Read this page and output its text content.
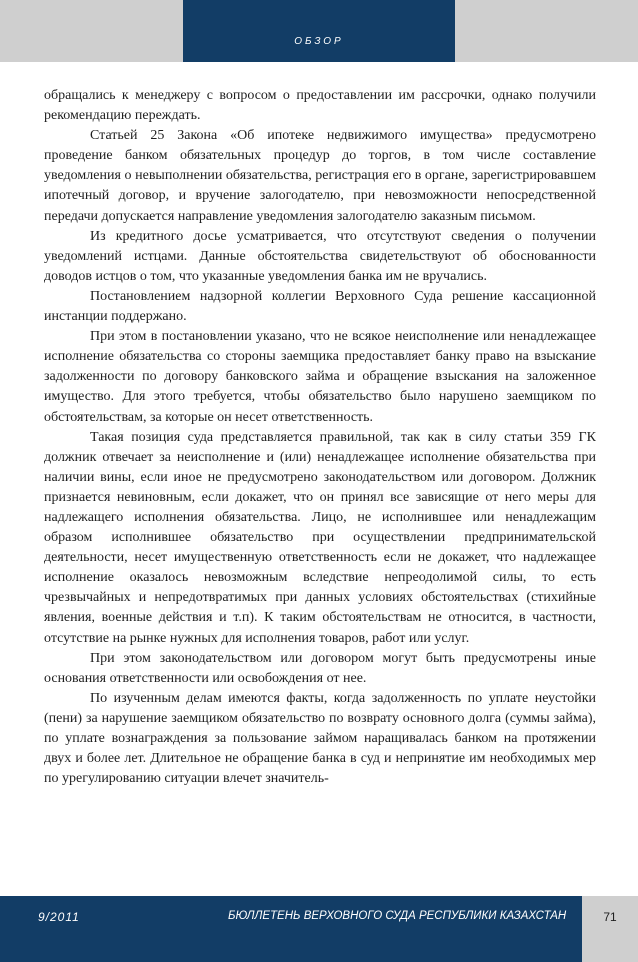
ОБЗОР

обращались к менеджеру с вопросом о предоставлении им рассрочки, однако получили рекомендацию переждать.

Статьей 25 Закона «Об ипотеке недвижимого имущества» предусмотрено проведение банком обязательных процедур до торгов, в том числе составление уведомления о невыполнении обязательства, регистрация его в органе, зарегистрировавшем ипотечный договор, и вручение залогодателю, при невозможности непосредственной передачи допускается направление уведомления залогодателю заказным письмом.

Из кредитного досье усматривается, что отсутствуют сведения о получении уведомлений истцами. Данные обстоятельства свидетельствуют об обоснованности доводов истцов о том, что указанные уведомления банка им не вручались.

Постановлением надзорной коллегии Верховного Суда решение кассационной инстанции поддержано.

При этом в постановлении указано, что не всякое неисполнение или ненадлежащее исполнение обязательства со стороны заемщика предоставляет банку право на взыскание задолженности по договору банковского займа и обращение взыскания на заложенное имущество. Для этого требуется, чтобы обязательство было нарушено заемщиком по обстоятельствам, за которые он несет ответственность.

Такая позиция суда представляется правильной, так как в силу статьи 359 ГК должник отвечает за неисполнение и (или) ненадлежащее исполнение обязательства при наличии вины, если иное не предусмотрено законодательством или договором. Должник признается невиновным, если докажет, что он принял все зависящие от него меры для надлежащего исполнения обязательства. Лицо, не исполнившее или ненадлежащим образом исполнившее обязательство при осуществлении предпринимательской деятельности, несет имущественную ответственность если не докажет, что надлежащее исполнение оказалось невозможным вследствие непреодолимой силы, то есть чрезвычайных и непредотвратимых при данных условиях обстоятельствах (стихийные явления, военные действия и т.п). К таким обстоятельствам не относится, в частности, отсутствие на рынке нужных для исполнения товаров, работ или услуг.

При этом законодательством или договором могут быть предусмотрены иные основания ответственности или освобождения от нее.

По изученным делам имеются факты, когда задолженность по уплате неустойки (пени) за нарушение заемщиком обязательство по возврату основного долга (суммы займа), по уплате вознаграждения за пользование займом наращивалась банком на протяжении двух и более лет. Длительное не обращение банка в суд и непринятие им необходимых мер по урегулированию ситуации влечет значитель-

9/2011	БЮЛЛЕТЕНЬ ВЕРХОВНОГО СУДА РЕСПУБЛИКИ КАЗАХСТАН	71
